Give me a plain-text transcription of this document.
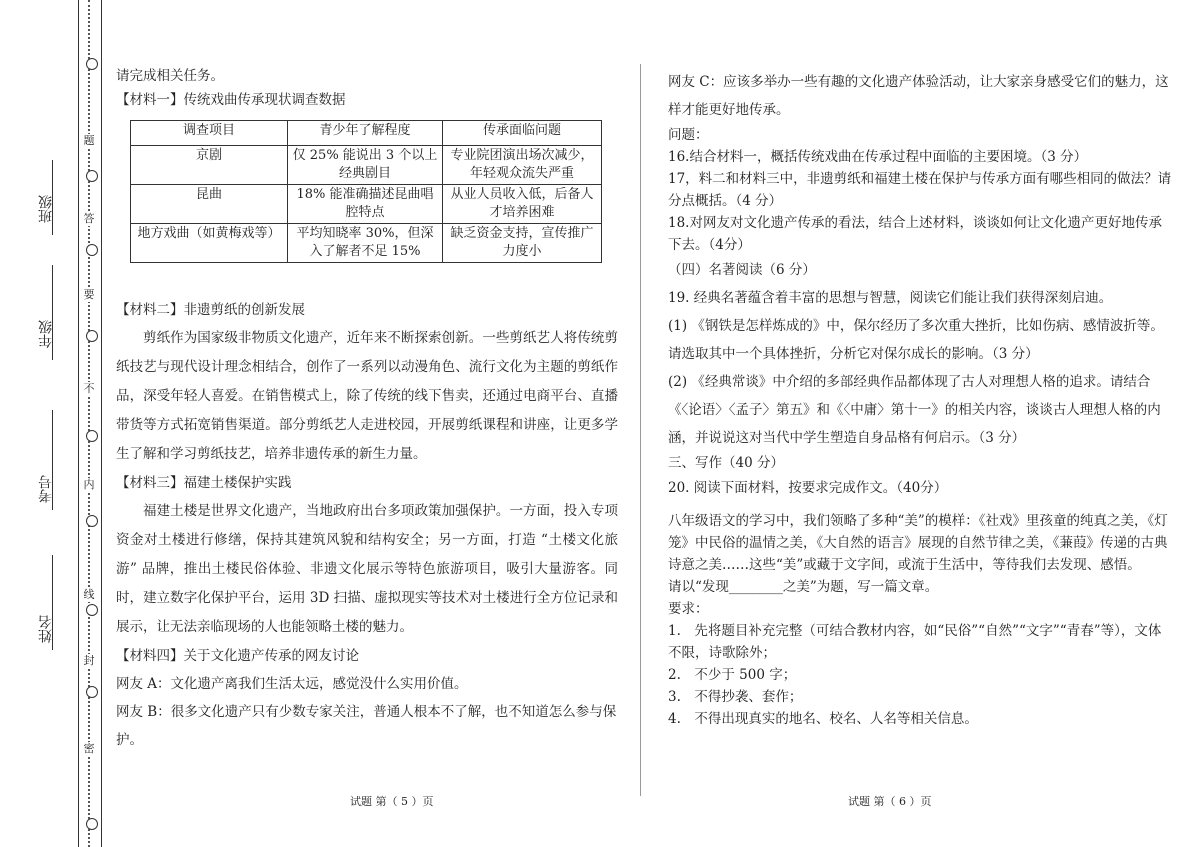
题
答
要
不
内
线
封
密
班级
年级
考号
姓名

请完成相关任务。

【材料一】传统戏曲传承现状调查数据

调查项目	青少年了解程度	传承面临问题
京剧	仅 25% 能说出 3 个以上经典剧目	专业院团演出场次减少，年轻观众流失严重
昆曲	18% 能准确描述昆曲唱腔特点	从业人员收入低，后备人才培养困难
地方戏曲（如黄梅戏等）	平均知晓率 30%，但深入了解者不足 15%	缺乏资金支持，宣传推广力度小

【材料二】非遗剪纸的创新发展

剪纸作为国家级非物质文化遗产，近年来不断探索创新。一些剪纸艺人将传统剪纸技艺与现代设计理念相结合，创作了一系列以动漫角色、流行文化为主题的剪纸作品，深受年轻人喜爱。在销售模式上，除了传统的线下售卖，还通过电商平台、直播带货等方式拓宽销售渠道。部分剪纸艺人走进校园，开展剪纸课程和讲座，让更多学生了解和学习剪纸技艺，培养非遗传承的新生力量。

【材料三】福建土楼保护实践

福建土楼是世界文化遗产，当地政府出台多项政策加强保护。一方面，投入专项资金对土楼进行修缮，保持其建筑风貌和结构安全；另一方面，打造 “土楼文化旅游” 品牌，推出土楼民俗体验、非遗文化展示等特色旅游项目，吸引大量游客。同时，建立数字化保护平台，运用 3D 扫描、虚拟现实等技术对土楼进行全方位记录和展示，让无法亲临现场的人也能领略土楼的魅力。

【材料四】关于文化遗产传承的网友讨论

网友 A：文化遗产离我们生活太远，感觉没什么实用价值。

网友 B：很多文化遗产只有少数专家关注，普通人根本不了解，也不知道怎么参与保护。

网友 C：应该多举办一些有趣的文化遗产体验活动，让大家亲身感受它们的魅力，这样才能更好地传承。

问题：

16.结合材料一，概括传统戏曲在传承过程中面临的主要困境。（3 分）

17，料二和材料三中，非遗剪纸和福建土楼在保护与传承方面有哪些相同的做法？请分点概括。（4 分）

18.对网友对文化遗产传承的看法，结合上述材料，谈谈如何让文化遗产更好地传承下去。（4分）

（四）名著阅读（6 分）

19. 经典名著蕴含着丰富的思想与智慧，阅读它们能让我们获得深刻启迪。

(1) 《钢铁是怎样炼成的》中，保尔经历了多次重大挫折，比如伤病、感情波折等。请选取其中一个具体挫折，分析它对保尔成长的影响。（3 分）

(2) 《经典常谈》中介绍的多部经典作品都体现了古人对理想人格的追求。请结合《〈论语〉〈孟子〉第五》和《〈中庸〉第十一》的相关内容，谈谈古人理想人格的内涵，并说说这对当代中学生塑造自身品格有何启示。（3 分）

三、写作（40 分）

20. 阅读下面材料，按要求完成作文。（40分）

八年级语文的学习中，我们领略了多种“美”的模样：《社戏》里孩童的纯真之美，《灯笼》中民俗的温情之美，《大自然的语言》展现的自然节律之美，《蒹葭》传递的古典诗意之美……这些“美”或藏于文字间，或流于生活中，等待我们去发现、感悟。

请以“发现________之美”为题，写一篇文章。

要求：

1.　先将题目补充完整（可结合教材内容，如“民俗”“自然”“文字”“青春”等），文体不限，诗歌除外；

2.　不少于 500 字；

3.　不得抄袭、套作；

4.　不得出现真实的地名、校名、人名等相关信息。

试题 第（ 5 ）页	试题 第（ 6 ）页
